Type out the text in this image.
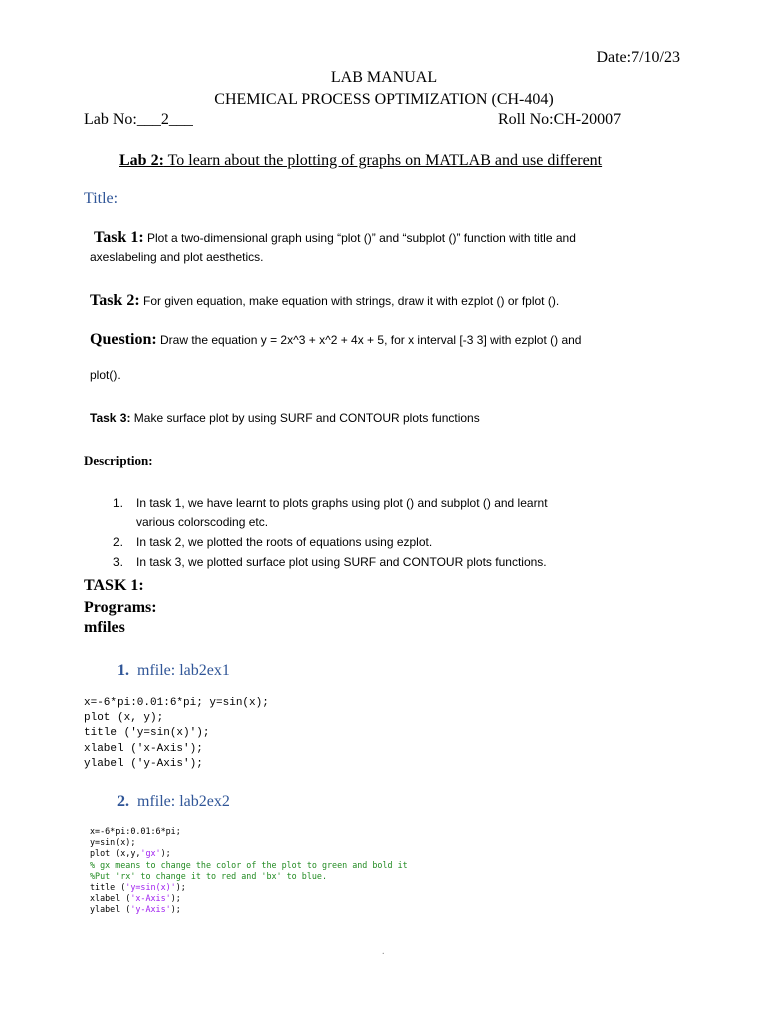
Date:7/10/23
LAB MANUAL
CHEMICAL PROCESS OPTIMIZATION (CH-404)
Lab No:___2___	Roll No:CH-20007
Lab 2: To learn about the plotting of graphs on MATLAB and use different
Title:
Task 1: Plot a two-dimensional graph using “plot ()” and “subplot ()” function with title and
axeslabeling and plot aesthetics.
Task 2: For given equation, make equation with strings, draw it with ezplot () or fplot ().
Question: Draw the equation y = 2x^3 + x^2 + 4x + 5, for x interval [-3 3] with ezplot () and
plot().
Task 3: Make surface plot by using SURF and CONTOUR plots functions
Description:
1. In task 1, we have learnt to plots graphs using plot () and subplot () and learnt
various colorscoding etc.
2. In task 2, we plotted the roots of equations using ezplot.
3. In task 3, we plotted surface plot using SURF and CONTOUR plots functions.
TASK 1:
Programs:
mfiles
1. mfile: lab2ex1
x=-6*pi:0.01:6*pi; y=sin(x);
plot (x, y);
title ('y=sin(x)');
xlabel ('x-Axis');
ylabel ('y-Axis');
2. mfile: lab2ex2
x=-6*pi:0.01:6*pi;
y=sin(x);
plot (x,y,'gx');
% gx means to change the color of the plot to green and bold it
%Put 'rx' to change it to red and 'bx' to blue.
title ('y=sin(x)');
xlabel ('x-Axis');
ylabel ('y-Axis');
.
